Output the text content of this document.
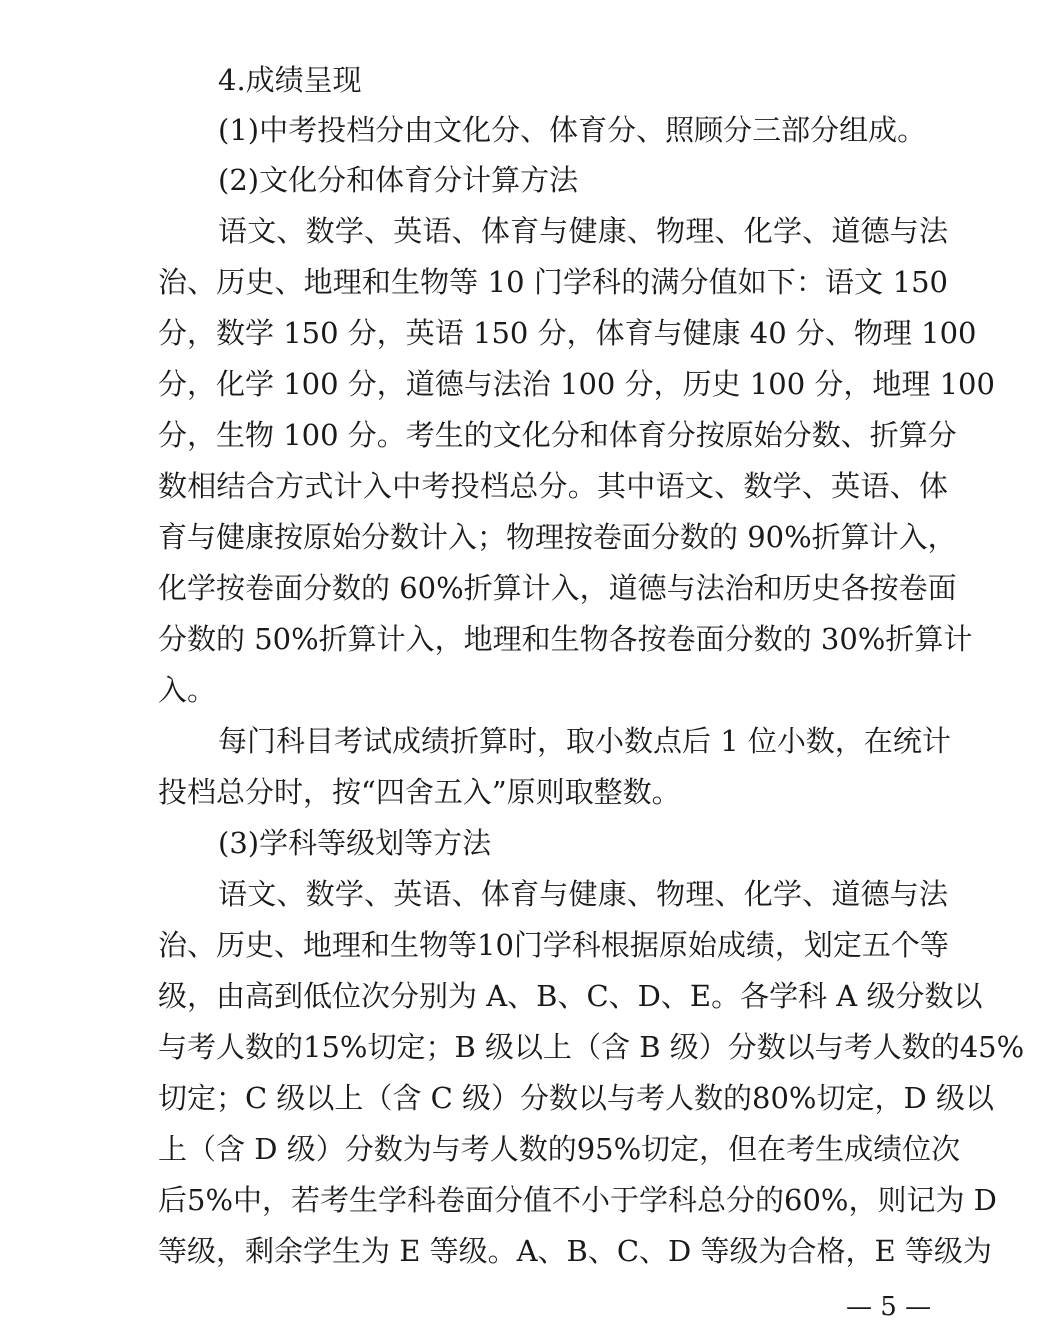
4.成绩呈现
(1)中考投档分由文化分、体育分、照顾分三部分组成。
(2)文化分和体育分计算方法
语文、数学、英语、体育与健康、物理、化学、道德与法
治、历史、地理和生物等 10 门学科的满分值如下：语文 150
分，数学 150 分，英语 150 分，体育与健康 40 分、物理 100
分，化学 100 分，道德与法治 100 分，历史 100 分，地理 100
分，生物 100 分。考生的文化分和体育分按原始分数、折算分
数相结合方式计入中考投档总分。其中语文、数学、英语、体
育与健康按原始分数计入；物理按卷面分数的 90%折算计入，
化学按卷面分数的 60%折算计入，道德与法治和历史各按卷面
分数的 50%折算计入，地理和生物各按卷面分数的 30%折算计
入。
每门科目考试成绩折算时，取小数点后 1 位小数，在统计
投档总分时，按“四舍五入”原则取整数。
(3)学科等级划等方法
语文、数学、英语、体育与健康、物理、化学、道德与法
治、历史、地理和生物等10门学科根据原始成绩，划定五个等
级，由高到低位次分别为 A、B、C、D、E。各学科 A 级分数以
与考人数的15%切定；B 级以上（含 B 级）分数以与考人数的45%
切定；C 级以上（含 C 级）分数以与考人数的80%切定，D 级以
上（含 D 级）分数为与考人数的95%切定，但在考生成绩位次
后5%中，若考生学科卷面分值不小于学科总分的60%，则记为 D
等级，剩余学生为 E 等级。A、B、C、D 等级为合格，E 等级为
— 5 —
